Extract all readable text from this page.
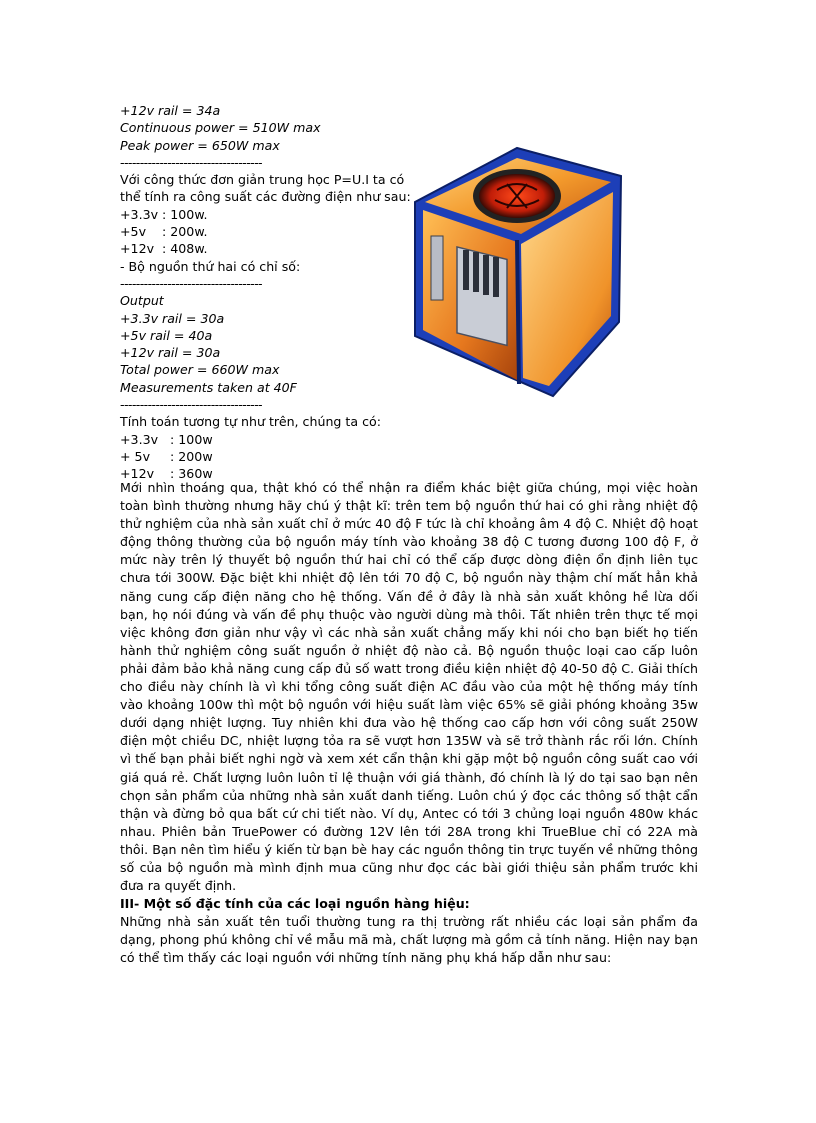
+12v rail = 34a
Continuous power = 510W max
Peak power = 650W max
------------------------------------
Với công thức đơn giản trung học P=U.I ta có
thể tính ra công suất các đường điện như sau:
+3.3v : 100w.
+5v    : 200w.
+12v  : 408w.
- Bộ nguồn thứ hai có chỉ số:
------------------------------------
Output
+3.3v rail = 30a
+5v rail = 40a
+12v rail = 30a
Total power = 660W max
Measurements taken at 40F
------------------------------------
Tính toán tương tự như trên, chúng ta có:
+3.3v   : 100w
+ 5v     : 200w
+12v    : 360w

Mới nhìn thoáng qua, thật khó có thể nhận ra điểm khác biệt giữa chúng, mọi việc hoàn toàn bình thường nhưng hãy chú ý thật kĩ: trên tem bộ nguồn thứ hai có ghi rằng nhiệt độ thử nghiệm của nhà sản xuất chỉ ở mức 40 độ F tức là chỉ khoảng âm 4 độ C. Nhiệt độ hoạt động thông thường của bộ nguồn máy tính vào khoảng 38 độ C tương đương 100 độ F, ở mức này trên lý thuyết bộ nguồn thứ hai chỉ có thể cấp được dòng điện ổn định liên tục chưa tới 300W. Đặc biệt khi nhiệt độ lên tới 70 độ C, bộ nguồn này thậm chí mất hẳn khả năng cung cấp điện năng cho hệ thống. Vấn đề ở đây là nhà sản xuất không hề lừa dối bạn, họ nói đúng và vấn đề phụ thuộc vào người dùng mà thôi. Tất nhiên trên thực tế mọi việc không đơn giản như vậy vì các nhà sản xuất chẳng mấy khi nói cho bạn biết họ tiến hành thử nghiệm công suất nguồn ở nhiệt độ nào cả. Bộ nguồn thuộc loại cao cấp luôn phải đảm bảo khả năng cung cấp đủ số watt trong điều kiện nhiệt độ 40-50 độ C. Giải thích cho điều này chính là vì khi tổng công suất điện AC đầu vào của một hệ thống máy tính vào khoảng 100w thì một bộ nguồn với hiệu suất làm việc 65% sẽ giải phóng khoảng 35w dưới dạng nhiệt lượng. Tuy nhiên khi đưa vào hệ thống cao cấp hơn với công suất 250W điện một chiều DC, nhiệt lượng tỏa ra sẽ vượt hơn 135W và sẽ trở thành rắc rối lớn. Chính vì thế bạn phải biết nghi ngờ và xem xét cẩn thận khi gặp một bộ nguồn công suất cao với giá quá rẻ. Chất lượng luôn luôn tỉ lệ thuận với giá thành, đó chính là lý do tại sao bạn nên chọn sản phẩm của những nhà sản xuất danh tiếng. Luôn chú ý đọc các thông số thật cẩn thận và đừng bỏ qua bất cứ chi tiết nào. Ví dụ, Antec có tới 3 chủng loại nguồn 480w khác nhau. Phiên bản TruePower có đường 12V lên tới 28A trong khi TrueBlue chỉ có 22A mà thôi. Bạn nên tìm hiểu ý kiến từ bạn bè hay các nguồn thông tin trực tuyến về những thông số của bộ nguồn mà mình định mua cũng như đọc các bài giới thiệu sản phẩm trước khi đưa ra quyết định.

III- Một số đặc tính của các loại nguồn hàng hiệu:

Những nhà sản xuất tên tuổi thường tung ra thị trường rất nhiều các loại sản phẩm đa dạng, phong phú không chỉ về mẫu mã mà, chất lượng mà gồm cả tính năng. Hiện nay bạn có thể tìm thấy các loại nguồn với những tính năng phụ khá hấp dẫn như sau:
